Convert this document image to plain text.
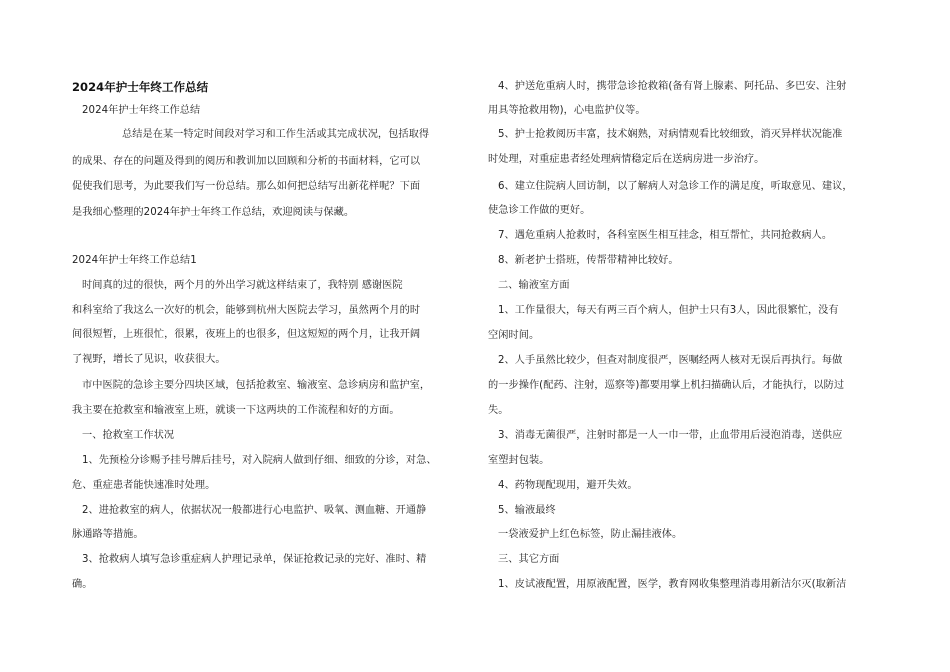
2024年护士年终工作总结
2024年护士年终工作总结
总结是在某一特定时间段对学习和工作生活或其完成状况，包括取得
的成果、存在的问题及得到的阅历和教训加以回顾和分析的书面材料，它可以
促使我们思考，为此要我们写一份总结。那么如何把总结写出新花样呢？下面
是我细心整理的2024年护士年终工作总结，欢迎阅读与保藏。
2024年护士年终工作总结1
时间真的过的很快，两个月的外出学习就这样结束了，我特别 感谢医院
和科室给了我这么一次好的机会，能够到杭州大医院去学习，虽然两个月的时
间很短暂，上班很忙，很累，夜班上的也很多，但这短短的两个月，让我开阔
了视野，增长了见识，收获很大。
市中医院的急诊主要分四块区域，包括抢救室、输液室、急诊病房和监护室，
我主要在抢救室和输液室上班，就谈一下这两块的工作流程和好的方面。
一、抢救室工作状况
1、先预检分诊赐予挂号牌后挂号，对入院病人做到仔细、细致的分诊，对急、
危、重症患者能快速准时处理。
2、进抢救室的病人，依据状况一般都进行心电监护、吸氧、测血糖、开通静
脉通路等措施。
3、抢救病人填写急诊重症病人护理记录单，保证抢救记录的完好、准时、精
确。
4、护送危重病人时，携带急诊抢救箱(备有肾上腺素、阿托品、多巴安、注射
用具等抢救用物)，心电监护仪等。
5、护士抢救阅历丰富，技术娴熟，对病情观看比较细致，消灭异样状况能准
时处理，对重症患者经处理病情稳定后在送病房进一步治疗。
6、建立住院病人回访制，以了解病人对急诊工作的满足度，听取意见、建议，
使急诊工作做的更好。
7、遇危重病人抢救时，各科室医生相互挂念，相互帮忙，共同抢救病人。
8、新老护士搭班，传帮带精神比较好。
二、输液室方面
1、工作量很大，每天有两三百个病人，但护士只有3人，因此很繁忙，没有
空闲时间。
2、人手虽然比较少，但查对制度很严，医嘱经两人核对无误后再执行。每做
的一步操作(配药、注射，巡察等)都要用掌上机扫描确认后，才能执行，以防过
失。
3、消毒无菌很严，注射时都是一人一巾一带，止血带用后浸泡消毒，送供应
室塑封包装。
4、药物现配现用，避开失效。
5、输液最终
一袋液爱护上红色标签，防止漏挂液体。
三、其它方面
1、皮试液配置，用原液配置，医学，教育网收集整理消毒用新洁尔灭(取新洁
